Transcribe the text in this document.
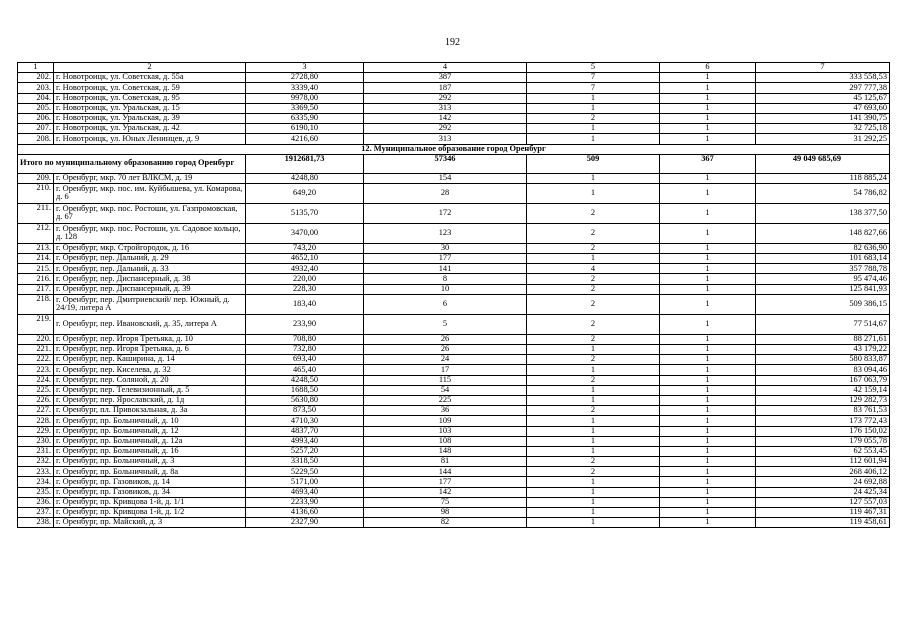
192
1	2	3	4	5	6	7
202.	г. Новотроицк, ул. Советская, д. 55а	2728,80	387	7	1	333 558,53
203.	г. Новотроицк, ул. Советская, д. 59	3339,40	187	7	1	297 777,38
204.	г. Новотроицк, ул. Советская, д. 95	9978,00	292	1	1	45 125,67
205.	г. Новотроицк, ул. Уральская, д. 15	3369,50	313	1	1	47 693,60
206.	г. Новотроицк, ул. Уральская, д. 39	6335,90	142	2	1	141 390,75
207.	г. Новотроицк, ул. Уральская, д. 42	6190,10	292	1	1	32 725,18
208.	г. Новотроицк, ул. Юных Ленинцев, д. 9	4216,60	313	1	1	31 292,25
12. Муниципальное образование город Оренбург						
Итого по муниципальному образованию город Оренбург		1912681,73	57346	509	367	49 049 685,69
209.	г. Оренбург, мкр. 70 лет ВЛКСМ, д. 19	4248,80	154	1	1	118 885,24
210.	г. Оренбург, мкр. пос. им. Куйбышева, ул. Комарова, д. 6	649,20	28	1	1	54 786,82
211.	г. Оренбург, мкр. пос. Ростоши, ул. Газпромовская, д. 67	5135,70	172	2	1	138 377,50
212.	г. Оренбург, мкр. пос. Ростоши, ул. Садовое кольцо, д. 128	3470,00	123	2	1	148 827,66
213.	г. Оренбург, мкр. Стройгородок, д. 16	743,20	30	2	1	82 636,90
214.	г. Оренбург, пер. Дальний, д. 29	4652,10	177	1	1	101 683,14
215.	г. Оренбург, пер. Дальний, д. 33	4932,40	141	4	1	357 788,78
216.	г. Оренбург, пер. Диспансерный, д. 38	220,00	8	2	1	95 474,46
217.	г. Оренбург, пер. Диспансерный, д. 39	228,30	10	2	1	125 841,93
218.	г. Оренбург, пер. Дмитриевский/ пер. Южный, д. 24/19, литера А	183,40	6	2	1	509 386,15
219.	г. Оренбург, пер. Ивановский, д. 35, литера А	233,90	5	2	1	77 514,67
220.	г. Оренбург, пер. Игоря Третьяка, д. 10	708,80	26	2	1	88 271,61
221.	г. Оренбург, пер. Игоря Третьяка, д. 6	732,80	26	1	1	43 179,22
222.	г. Оренбург, пер. Каширина, д. 14	693,40	24	2	1	580 833,87
223.	г. Оренбург, пер. Киселева, д. 32	465,40	17	1	1	83 094,46
224.	г. Оренбург, пер. Соляной, д. 20	4248,50	115	2	1	167 063,79
225.	г. Оренбург, пер. Телевизионный, д. 5	1688,50	54	1	1	42 159,14
226.	г. Оренбург, пер. Ярославский, д. 1д	5630,80	225	1	1	129 282,73
227.	г. Оренбург, пл. Привокзальная, д. 3а	873,50	36	2	1	83 761,53
228.	г. Оренбург, пр. Больничный, д. 10	4710,30	109	1	1	173 772,43
229.	г. Оренбург, пр. Больничный, д. 12	4837,70	103	1	1	176 150,02
230.	г. Оренбург, пр. Больничный, д. 12а	4993,40	108	1	1	179 055,78
231.	г. Оренбург, пр. Больничный, д. 16	5257,20	148	1	1	62 553,45
232.	г. Оренбург, пр. Больничный, д. 3	3318,50	81	2	1	112 601,94
233.	г. Оренбург, пр. Больничный, д. 8а	5229,50	144	2	1	268 406,12
234.	г. Оренбург, пр. Газовиков, д. 14	5171,00	177	1	1	24 692,88
235.	г. Оренбург, пр. Газовиков, д. 34	4693,40	142	1	1	24 425,34
236.	г. Оренбург, пр. Кривцова 1-й, д. 1/1	2233,90	75	1	1	127 557,03
237.	г. Оренбург, пр. Кривцова 1-й, д. 1/2	4136,60	98	1	1	119 467,31
238.	г. Оренбург, пр. Майский, д. 3	2327,90	82	1	1	119 458,61
